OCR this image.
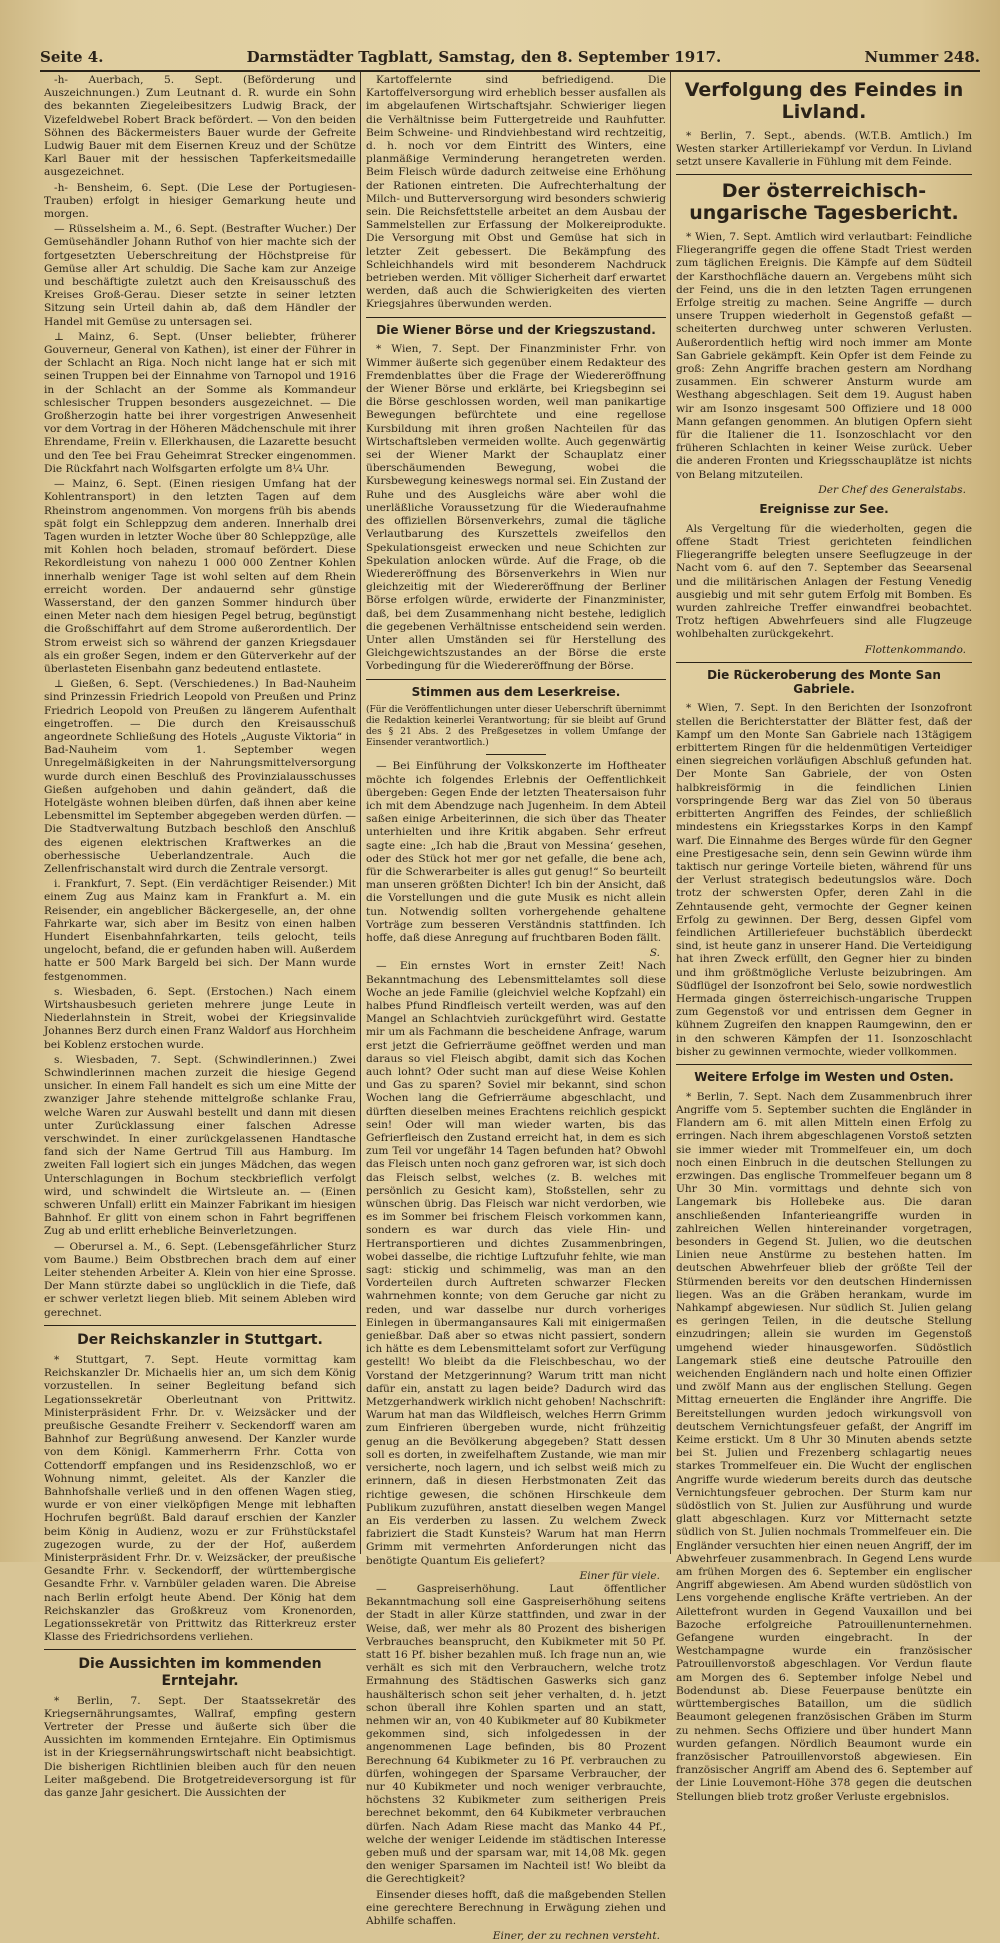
Seite 4.	Darmstädter Tagblatt, Samstag, den 8. September 1917.	Nummer 248.

-h- Auerbach, 5. Sept. (Beförderung und Auszeichnungen.) Zum Leutnant d. R. wurde ein Sohn des bekannten Ziegeleibesitzers Ludwig Brack, der Vizefeldwebel Robert Brack befördert. — Von den beiden Söhnen des Bäckermeisters Bauer wurde der Gefreite Ludwig Bauer mit dem Eisernen Kreuz und der Schütze Karl Bauer mit der hessischen Tapferkeitsmedaille ausgezeichnet.

-h- Bensheim, 6. Sept. (Die Lese der Portugiesen-Trauben) erfolgt in hiesiger Gemarkung heute und morgen.

— Rüsselsheim a. M., 6. Sept. (Bestrafter Wucher.) Der Gemüsehändler Johann Ruthof von hier machte sich der fortgesetzten Ueberschreitung der Höchstpreise für Gemüse aller Art schuldig. Die Sache kam zur Anzeige und beschäftigte zuletzt auch den Kreisausschuß des Kreises Groß-Gerau. Dieser setzte in seiner letzten Sitzung sein Urteil dahin ab, daß dem Händler der Handel mit Gemüse zu untersagen sei.

⊥ Mainz, 6. Sept. (Unser beliebter, früherer Gouverneur, General von Kathen), ist einer der Führer in der Schlacht an Riga. Noch nicht lange hat er sich mit seinen Truppen bei der Einnahme von Tarnopol und 1916 in der Schlacht an der Somme als Kommandeur schlesischer Truppen besonders ausgezeichnet. — Die Großherzogin hatte bei ihrer vorgestrigen Anwesenheit vor dem Vortrag in der Höheren Mädchenschule mit ihrer Ehrendame, Freiin v. Ellerkhausen, die Lazarette besucht und den Tee bei Frau Geheimrat Strecker eingenommen. Die Rückfahrt nach Wolfsgarten erfolgte um 8¼ Uhr.

— Mainz, 6. Sept. (Einen riesigen Umfang hat der Kohlentransport) in den letzten Tagen auf dem Rheinstrom angenommen. Von morgens früh bis abends spät folgt ein Schleppzug dem anderen. Innerhalb drei Tagen wurden in letzter Woche über 80 Schleppzüge, alle mit Kohlen hoch beladen, stromauf befördert. Diese Rekordleistung von nahezu 1 000 000 Zentner Kohlen innerhalb weniger Tage ist wohl selten auf dem Rhein erreicht worden. Der andauernd sehr günstige Wasserstand, der den ganzen Sommer hindurch über einen Meter nach dem hiesigen Pegel betrug, begünstigt die Großschiffahrt auf dem Strome außerordentlich. Der Strom erweist sich so während der ganzen Kriegsdauer als ein großer Segen, indem er den Güterverkehr auf der überlasteten Eisenbahn ganz bedeutend entlastete.

⊥ Gießen, 6. Sept. (Verschiedenes.) In Bad-Nauheim sind Prinzessin Friedrich Leopold von Preußen und Prinz Friedrich Leopold von Preußen zu längerem Aufenthalt eingetroffen. — Die durch den Kreisausschuß angeordnete Schließung des Hotels „Auguste Viktoria“ in Bad-Nauheim vom 1. September wegen Unregelmäßigkeiten in der Nahrungsmittelversorgung wurde durch einen Beschluß des Provinzialausschusses Gießen aufgehoben und dahin geändert, daß die Hotelgäste wohnen bleiben dürfen, daß ihnen aber keine Lebensmittel im September abgegeben werden dürfen. — Die Stadtverwaltung Butzbach beschloß den Anschluß des eigenen elektrischen Kraftwerkes an die oberhessische Ueberlandzentrale. Auch die Zellenfrischanstalt wird durch die Zentrale versorgt.

i. Frankfurt, 7. Sept. (Ein verdächtiger Reisender.) Mit einem Zug aus Mainz kam in Frankfurt a. M. ein Reisender, ein angeblicher Bäckergeselle, an, der ohne Fahrkarte war, sich aber im Besitz von einen halben Hundert Eisenbahnfahrkarten, teils gelocht, teils ungelocht, befand, die er gefunden haben will. Außerdem hatte er 500 Mark Bargeld bei sich. Der Mann wurde festgenommen.

s. Wiesbaden, 6. Sept. (Erstochen.) Nach einem Wirtshausbesuch gerieten mehrere junge Leute in Niederlahnstein in Streit, wobei der Kriegsinvalide Johannes Berz durch einen Franz Waldorf aus Horchheim bei Koblenz erstochen wurde.

s. Wiesbaden, 7. Sept. (Schwindlerinnen.) Zwei Schwindlerinnen machen zurzeit die hiesige Gegend unsicher. In einem Fall handelt es sich um eine Mitte der zwanziger Jahre stehende mittelgroße schlanke Frau, welche Waren zur Auswahl bestellt und dann mit diesen unter Zurücklassung einer falschen Adresse verschwindet. In einer zurückgelassenen Handtasche fand sich der Name Gertrud Till aus Hamburg. Im zweiten Fall logiert sich ein junges Mädchen, das wegen Unterschlagungen in Bochum steckbrieflich verfolgt wird, und schwindelt die Wirtsleute an. — (Einen schweren Unfall) erlitt ein Mainzer Fabrikant im hiesigen Bahnhof. Er glitt von einem schon in Fahrt begriffenen Zug ab und erlitt erhebliche Beinverletzungen.

— Oberursel a. M., 6. Sept. (Lebensgefährlicher Sturz vom Baume.) Beim Obstbrechen brach dem auf einer Leiter stehenden Arbeiter A. Klein von hier eine Sprosse. Der Mann stürzte dabei so unglücklich in die Tiefe, daß er schwer verletzt liegen blieb. Mit seinem Ableben wird gerechnet.

Der Reichskanzler in Stuttgart.

* Stuttgart, 7. Sept. Heute vormittag kam Reichskanzler Dr. Michaelis hier an, um sich dem König vorzustellen. In seiner Begleitung befand sich Legationssekretär Oberleutnant von Prittwitz. Ministerpräsident Frhr. Dr. v. Weizsäcker und der preußische Gesandte Freiherr v. Seckendorff waren am Bahnhof zur Begrüßung anwesend. Der Kanzler wurde von dem Königl. Kammerherrn Frhr. Cotta von Cottendorff empfangen und ins Residenzschloß, wo er Wohnung nimmt, geleitet. Als der Kanzler die Bahnhofshalle verließ und in den offenen Wagen stieg, wurde er von einer vielköpfigen Menge mit lebhaften Hochrufen begrüßt. Bald darauf erschien der Kanzler beim König in Audienz, wozu er zur Frühstückstafel zugezogen wurde, zu der der Hof, außerdem Ministerpräsident Frhr. Dr. v. Weizsäcker, der preußische Gesandte Frhr. v. Seckendorff, der württembergische Gesandte Frhr. v. Varnbüler geladen waren. Die Abreise nach Berlin erfolgt heute Abend. Der König hat dem Reichskanzler das Großkreuz vom Kronenorden, Legationssekretär von Prittwitz das Ritterkreuz erster Klasse des Friedrichsordens verliehen.

Die Aussichten im kommenden Erntejahr.

* Berlin, 7. Sept. Der Staatssekretär des Kriegsernährungsamtes, Wallraf, empfing gestern Vertreter der Presse und äußerte sich über die Aussichten im kommenden Erntejahre. Ein Optimismus ist in der Kriegsernährungswirtschaft nicht beabsichtigt. Die bisherigen Richtlinien bleiben auch für den neuen Leiter maßgebend. Die Brotgetreideversorgung ist für das ganze Jahr gesichert. Die Aussichten der

Kartoffelernte sind befriedigend. Die Kartoffelversorgung wird erheblich besser ausfallen als im abgelaufenen Wirtschaftsjahr. Schwieriger liegen die Verhältnisse beim Futtergetreide und Rauhfutter. Beim Schweine- und Rindviehbestand wird rechtzeitig, d. h. noch vor dem Eintritt des Winters, eine planmäßige Verminderung herangetreten werden. Beim Fleisch würde dadurch zeitweise eine Erhöhung der Rationen eintreten. Die Aufrechterhaltung der Milch- und Butterversorgung wird besonders schwierig sein. Die Reichsfettstelle arbeitet an dem Ausbau der Sammelstellen zur Erfassung der Molkereiprodukte. Die Versorgung mit Obst und Gemüse hat sich in letzter Zeit gebessert. Die Bekämpfung des Schleichhandels wird mit besonderem Nachdruck betrieben werden. Mit völliger Sicherheit darf erwartet werden, daß auch die Schwierigkeiten des vierten Kriegsjahres überwunden werden.

Die Wiener Börse und der Kriegszustand.

* Wien, 7. Sept. Der Finanzminister Frhr. von Wimmer äußerte sich gegenüber einem Redakteur des Fremdenblattes über die Frage der Wiedereröffnung der Wiener Börse und erklärte, bei Kriegsbeginn sei die Börse geschlossen worden, weil man panikartige Bewegungen befürchtete und eine regellose Kursbildung mit ihren großen Nachteilen für das Wirtschaftsleben vermeiden wollte. Auch gegenwärtig sei der Wiener Markt der Schauplatz einer überschäumenden Bewegung, wobei die Kursbewegung keineswegs normal sei. Ein Zustand der Ruhe und des Ausgleichs wäre aber wohl die unerläßliche Voraussetzung für die Wiederaufnahme des offiziellen Börsenverkehrs, zumal die tägliche Verlautbarung des Kurszettels zweifellos den Spekulationsgeist erwecken und neue Schichten zur Spekulation anlocken würde. Auf die Frage, ob die Wiedereröffnung des Börsenverkehrs in Wien nur gleichzeitig mit der Wiedereröffnung der Berliner Börse erfolgen würde, erwiderte der Finanzminister, daß, bei dem Zusammenhang nicht bestehe, lediglich die gegebenen Verhältnisse entscheidend sein werden. Unter allen Umständen sei für Herstellung des Gleichgewichtszustandes an der Börse die erste Vorbedingung für die Wiedereröffnung der Börse.

Stimmen aus dem Leserkreise.

(Für die Veröffentlichungen unter dieser Ueberschrift übernimmt die Redaktion keinerlei Verantwortung; für sie bleibt auf Grund des § 21 Abs. 2 des Preßgesetzes in vollem Umfange der Einsender verantwortlich.)

— Bei Einführung der Volkskonzerte im Hoftheater möchte ich folgendes Erlebnis der Oeffentlichkeit übergeben: Gegen Ende der letzten Theatersaison fuhr ich mit dem Abendzuge nach Jugenheim. In dem Abteil saßen einige Arbeiterinnen, die sich über das Theater unterhielten und ihre Kritik abgaben. Sehr erfreut sagte eine: „Ich hab die ‚Braut von Messina‘ gesehen, oder des Stück hot mer gor net gefalle, die bene ach, für die Schwerarbeiter is alles gut genug!“ So beurteilt man unseren größten Dichter! Ich bin der Ansicht, daß die Vorstellungen und die gute Musik es nicht allein tun. Notwendig sollten vorhergehende gehaltene Vorträge zum besseren Verständnis stattfinden. Ich hoffe, daß diese Anregung auf fruchtbaren Boden fällt.

S.

— Ein ernstes Wort in ernster Zeit! Nach Bekanntmachung des Lebensmittelamtes soll diese Woche an jede Familie (gleichviel welche Kopfzahl) ein halbes Pfund Rindfleisch verteilt werden, was auf den Mangel an Schlachtvieh zurückgeführt wird. Gestatte mir um als Fachmann die bescheidene Anfrage, warum erst jetzt die Gefrierräume geöffnet werden und man daraus so viel Fleisch abgibt, damit sich das Kochen auch lohnt? Oder sucht man auf diese Weise Kohlen und Gas zu sparen? Soviel mir bekannt, sind schon Wochen lang die Gefrierräume abgeschlacht, und dürften dieselben meines Erachtens reichlich gespickt sein! Oder will man wieder warten, bis das Gefrierfleisch den Zustand erreicht hat, in dem es sich zum Teil vor ungefähr 14 Tagen befunden hat? Obwohl das Fleisch unten noch ganz gefroren war, ist sich doch das Fleisch selbst, welches (z. B. welches mit persönlich zu Gesicht kam), Stoßstellen, sehr zu wünschen übrig. Das Fleisch war nicht verdorben, wie es im Sommer bei frischem Fleisch vorkommen kann, sondern es war durch das viele Hin- und Hertransportieren und dichtes Zusammenbringen, wobei dasselbe, die richtige Luftzufuhr fehlte, wie man sagt: stickig und schimmelig, was man an den Vorderteilen durch Auftreten schwarzer Flecken wahrnehmen konnte; von dem Geruche gar nicht zu reden, und war dasselbe nur durch vorheriges Einlegen in übermangansaures Kali mit einigermaßen genießbar. Daß aber so etwas nicht passiert, sondern ich hätte es dem Lebensmittelamt sofort zur Verfügung gestellt! Wo bleibt da die Fleischbeschau, wo der Vorstand der Metzgerinnung? Warum tritt man nicht dafür ein, anstatt zu lagen beide? Dadurch wird das Metzgerhandwerk wirklich nicht gehoben! Nachschrift: Warum hat man das Wildfleisch, welches Herrn Grimm zum Einfrieren übergeben wurde, nicht frühzeitig genug an die Bevölkerung abgegeben? Statt dessen soll es dorten, in zweifelhaftem Zustande, wie man mir versicherte, noch lagern, und ich selbst weiß mich zu erinnern, daß in diesen Herbstmonaten Zeit das richtige gewesen, die schönen Hirschkeule dem Publikum zuzuführen, anstatt dieselben wegen Mangel an Eis verderben zu lassen. Zu welchem Zweck fabriziert die Stadt Kunsteis? Warum hat man Herrn Grimm mit vermehrten Anforderungen nicht das benötigte Quantum Eis geliefert?

Einer für viele.

— Gaspreiserhöhung. Laut öffentlicher Bekanntmachung soll eine Gaspreiserhöhung seitens der Stadt in aller Kürze stattfinden, und zwar in der Weise, daß, wer mehr als 80 Prozent des bisherigen Verbrauches beansprucht, den Kubikmeter mit 50 Pf. statt 16 Pf. bisher bezahlen muß. Ich frage nun an, wie verhält es sich mit den Verbrauchern, welche trotz Ermahnung des Städtischen Gaswerks sich ganz haushälterisch schon seit jeher verhalten, d. h. jetzt schon überall ihre Kohlen sparten und an statt, nehmen wir an, von 40 Kubikmeter auf 80 Kubikmeter gekommen sind, sich infolgedessen in der angenommenen Lage befinden, bis 80 Prozent Berechnung 64 Kubikmeter zu 16 Pf. verbrauchen zu dürfen, wohingegen der Sparsame Verbraucher, der nur 40 Kubikmeter und noch weniger verbrauchte, höchstens 32 Kubikmeter zum seitherigen Preis berechnet bekommt, den 64 Kubikmeter verbrauchen dürfen. Nach Adam Riese macht das Manko 44 Pf., welche der weniger Leidende im städtischen Interesse geben muß und der sparsam war, mit 14,08 Mk. gegen den weniger Sparsamen im Nachteil ist! Wo bleibt da die Gerechtigkeit?

Einsender dieses hofft, daß die maßgebenden Stellen eine gerechtere Berechnung in Erwägung ziehen und Abhilfe schaffen.

Einer, der zu rechnen versteht.
Verfolgung des Feindes in Livland.

* Berlin, 7. Sept., abends. (W.T.B. Amtlich.) Im Westen starker Artilleriekampf vor Verdun. In Livland setzt unsere Kavallerie in Fühlung mit dem Feinde.

Der österreichisch-ungarische Tagesbericht.

* Wien, 7. Sept. Amtlich wird verlautbart: Feindliche Fliegerangriffe gegen die offene Stadt Triest werden zum täglichen Ereignis. Die Kämpfe auf dem Südteil der Karsthochfläche dauern an. Vergebens müht sich der Feind, uns die in den letzten Tagen errungenen Erfolge streitig zu machen. Seine Angriffe — durch unsere Truppen wiederholt in Gegenstoß gefaßt — scheiterten durchweg unter schweren Verlusten. Außerordentlich heftig wird noch immer am Monte San Gabriele gekämpft. Kein Opfer ist dem Feinde zu groß: Zehn Angriffe brachen gestern am Nordhang zusammen. Ein schwerer Ansturm wurde am Westhang abgeschlagen. Seit dem 19. August haben wir am Isonzo insgesamt 500 Offiziere und 18 000 Mann gefangen genommen. An blutigen Opfern sieht für die Italiener die 11. Isonzoschlacht vor den früheren Schlachten in keiner Weise zurück. Ueber die anderen Fronten und Kriegsschauplätze ist nichts von Belang mitzuteilen.

Der Chef des Generalstabs.
Ereignisse zur See.

Als Vergeltung für die wiederholten, gegen die offene Stadt Triest gerichteten feindlichen Fliegerangriffe belegten unsere Seeflugzeuge in der Nacht vom 6. auf den 7. September das Seearsenal und die militärischen Anlagen der Festung Venedig ausgiebig und mit sehr gutem Erfolg mit Bomben. Es wurden zahlreiche Treffer einwandfrei beobachtet. Trotz heftigen Abwehrfeuers sind alle Flugzeuge wohlbehalten zurückgekehrt.

Flottenkommando.
Die Rückeroberung des Monte San Gabriele.

* Wien, 7. Sept. In den Berichten der Isonzofront stellen die Berichterstatter der Blätter fest, daß der Kampf um den Monte San Gabriele nach 13tägigem erbittertem Ringen für die heldenmütigen Verteidiger einen siegreichen vorläufigen Abschluß gefunden hat. Der Monte San Gabriele, der von Osten halbkreisförmig in die feindlichen Linien vorspringende Berg war das Ziel von 50 überaus erbitterten Angriffen des Feindes, der schließlich mindestens ein Kriegsstarkes Korps in den Kampf warf. Die Einnahme des Berges würde für den Gegner eine Prestigesache sein, denn sein Gewinn würde ihm taktisch nur geringe Vorteile bieten, während für uns der Verlust strategisch bedeutungslos wäre. Doch trotz der schwersten Opfer, deren Zahl in die Zehntausende geht, vermochte der Gegner keinen Erfolg zu gewinnen. Der Berg, dessen Gipfel vom feindlichen Artilleriefeuer buchstäblich überdeckt sind, ist heute ganz in unserer Hand. Die Verteidigung hat ihren Zweck erfüllt, den Gegner hier zu binden und ihm größtmögliche Verluste beizubringen. Am Südflügel der Isonzofront bei Selo, sowie nordwestlich Hermada gingen österreichisch-ungarische Truppen zum Gegenstoß vor und entrissen dem Gegner in kühnem Zugreifen den knappen Raumgewinn, den er in den schweren Kämpfen der 11. Isonzoschlacht bisher zu gewinnen vermochte, wieder vollkommen.

Weitere Erfolge im Westen und Osten.

* Berlin, 7. Sept. Nach dem Zusammenbruch ihrer Angriffe vom 5. September suchten die Engländer in Flandern am 6. mit allen Mitteln einen Erfolg zu erringen. Nach ihrem abgeschlagenen Vorstoß setzten sie immer wieder mit Trommelfeuer ein, um doch noch einen Einbruch in die deutschen Stellungen zu erzwingen. Das englische Trommelfeuer begann um 8 Uhr 30 Min. vormittags und dehnte sich von Langemark bis Hollebeke aus. Die daran anschließenden Infanterieangriffe wurden in zahlreichen Wellen hintereinander vorgetragen, besonders in Gegend St. Julien, wo die deutschen Linien neue Anstürme zu bestehen hatten. Im deutschen Abwehrfeuer blieb der größte Teil der Stürmenden bereits vor den deutschen Hindernissen liegen. Was an die Gräben herankam, wurde im Nahkampf abgewiesen. Nur südlich St. Julien gelang es geringen Teilen, in die deutsche Stellung einzudringen; allein sie wurden im Gegenstoß umgehend wieder hinausgeworfen. Südöstlich Langemark stieß eine deutsche Patrouille den weichenden Engländern nach und holte einen Offizier und zwölf Mann aus der englischen Stellung. Gegen Mittag erneuerten die Engländer ihre Angriffe. Die Bereitstellungen wurden jedoch wirkungsvoll von deutschem Vernichtungsfeuer gefaßt, der Angriff im Keime erstickt. Um 8 Uhr 30 Minuten abends setzte bei St. Julien und Frezenberg schlagartig neues starkes Trommelfeuer ein. Die Wucht der englischen Angriffe wurde wiederum bereits durch das deutsche Vernichtungsfeuer gebrochen. Der Sturm kam nur südöstlich von St. Julien zur Ausführung und wurde glatt abgeschlagen. Kurz vor Mitternacht setzte südlich von St. Julien nochmals Trommelfeuer ein. Die Engländer versuchten hier einen neuen Angriff, der im Abwehrfeuer zusammenbrach. In Gegend Lens wurde am frühen Morgen des 6. September ein englischer Angriff abgewiesen. Am Abend wurden südöstlich von Lens vorgehende englische Kräfte vertrieben. An der Ailettefront wurden in Gegend Vauxaillon und bei Bazoche erfolgreiche Patrouillenunternehmen. Gefangene wurden eingebracht. In der Westchampagne wurde ein französischer Patrouillenvorstoß abgeschlagen. Vor Verdun flaute am Morgen des 6. September infolge Nebel und Bodendunst ab. Diese Feuerpause benützte ein württembergisches Bataillon, um die südlich Beaumont gelegenen französischen Gräben im Sturm zu nehmen. Sechs Offiziere und über hundert Mann wurden gefangen. Nördlich Beaumont wurde ein französischer Patrouillenvorstoß abgewiesen. Ein französischer Angriff am Abend des 6. September auf der Linie Louvemont-Höhe 378 gegen die deutschen Stellungen blieb trotz großer Verluste ergebnislos.
